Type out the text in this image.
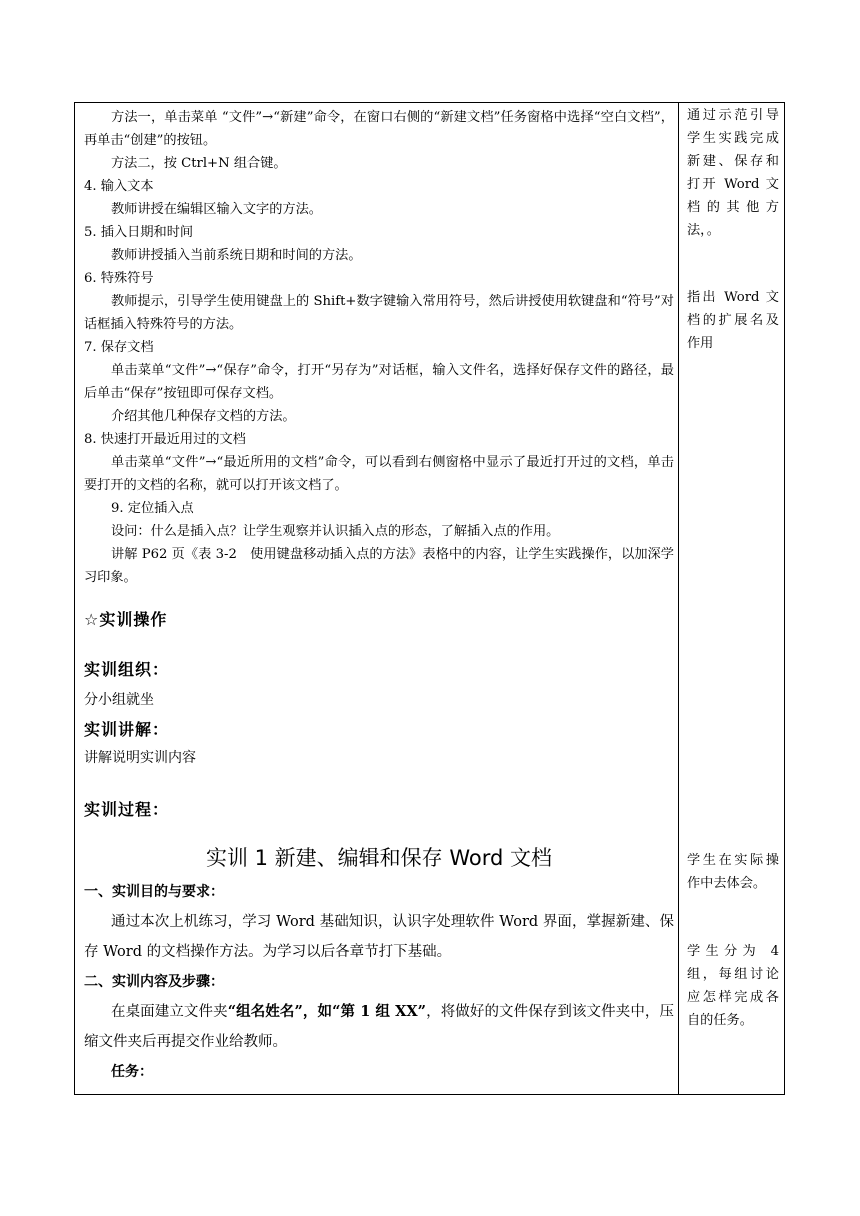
方法一，单击菜单 “文件”→“新建”命令，在窗口右侧的“新建文档”任务窗格中选择“空白文档”，再单击“创建”的按钮。

方法二，按 Ctrl+N 组合键。

4. 输入文本

教师讲授在编辑区输入文字的方法。

5. 插入日期和时间

教师讲授插入当前系统日期和时间的方法。

6. 特殊符号

教师提示，引导学生使用键盘上的 Shift+数字键输入常用符号，然后讲授使用软键盘和“符号”对话框插入特殊符号的方法。

7. 保存文档

单击菜单“文件”→“保存”命令，打开“另存为”对话框，输入文件名，选择好保存文件的路径，最后单击“保存”按钮即可保存文档。

介绍其他几种保存文档的方法。

8. 快速打开最近用过的文档

单击菜单“文件”→“最近所用的文档”命令，可以看到右侧窗格中显示了最近打开过的文档，单击要打开的文档的名称，就可以打开该文档了。

9. 定位插入点

设问：什么是插入点？让学生观察并认识插入点的形态，了解插入点的作用。

讲解 P62 页《表 3-2　使用键盘移动插入点的方法》表格中的内容，让学生实践操作，以加深学习印象。

☆实训操作

实训组织：

分小组就坐

实训讲解：

讲解说明实训内容

实训过程：

实训 1 新建、编辑和保存 Word 文档

一、实训目的与要求：

通过本次上机练习，学习 Word 基础知识，认识字处理软件 Word 界面，掌握新建、保存 Word 的文档操作方法。为学习以后各章节打下基础。

二、实训内容及步骤：

在桌面建立文件夹“组名姓名”，如“第 1 组 XX”，将做好的文件保存到该文件夹中，压缩文件夹后再提交作业给教师。

任务：

通过示范引导学生实践完成新建、保存和打开 Word 文档的其他方法，。

指出 Word 文档的扩展名及作用

学生在实际操作中去体会。

学生分为 4 组，每组讨论应怎样完成各自的任务。
